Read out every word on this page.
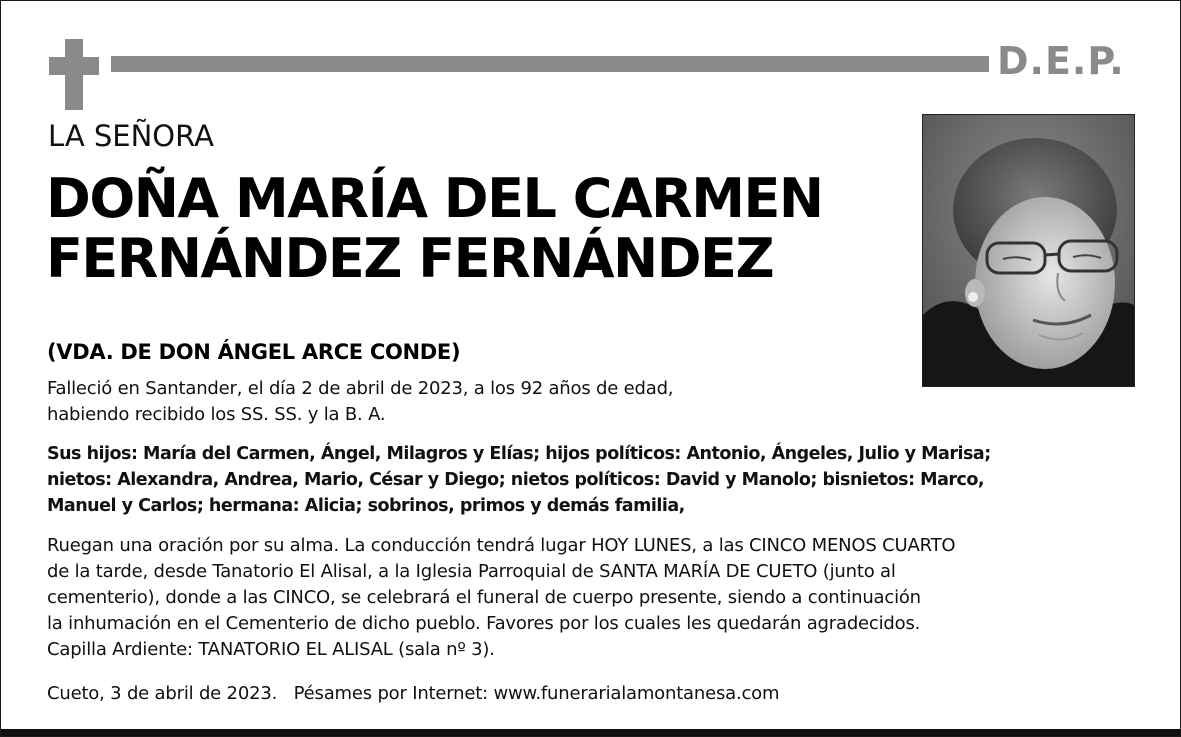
D.E.P.
LA SEÑORA
DOÑA MARÍA DEL CARMEN
FERNÁNDEZ FERNÁNDEZ
(VDA. DE DON ÁNGEL ARCE CONDE)
Falleció en Santander, el día 2 de abril de 2023, a los 92 años de edad,
habiendo recibido los SS. SS. y la B. A.
Sus hijos: María del Carmen, Ángel, Milagros y Elías; hijos políticos: Antonio, Ángeles, Julio y Marisa;
nietos: Alexandra, Andrea, Mario, César y Diego; nietos políticos: David y Manolo; bisnietos: Marco,
Manuel y Carlos; hermana: Alicia; sobrinos, primos y demás familia,
Ruegan una oración por su alma. La conducción tendrá lugar HOY LUNES, a las CINCO MENOS CUARTO
de la tarde, desde Tanatorio El Alisal, a la Iglesia Parroquial de SANTA MARÍA DE CUETO (junto al
cementerio), donde a las CINCO, se celebrará el funeral de cuerpo presente, siendo a continuación
la inhumación en el Cementerio de dicho pueblo. Favores por los cuales les quedarán agradecidos.
Capilla Ardiente: TANATORIO EL ALISAL (sala nº 3).
Cueto, 3 de abril de 2023.   Pésames por Internet: www.funerarialamontanesa.com
